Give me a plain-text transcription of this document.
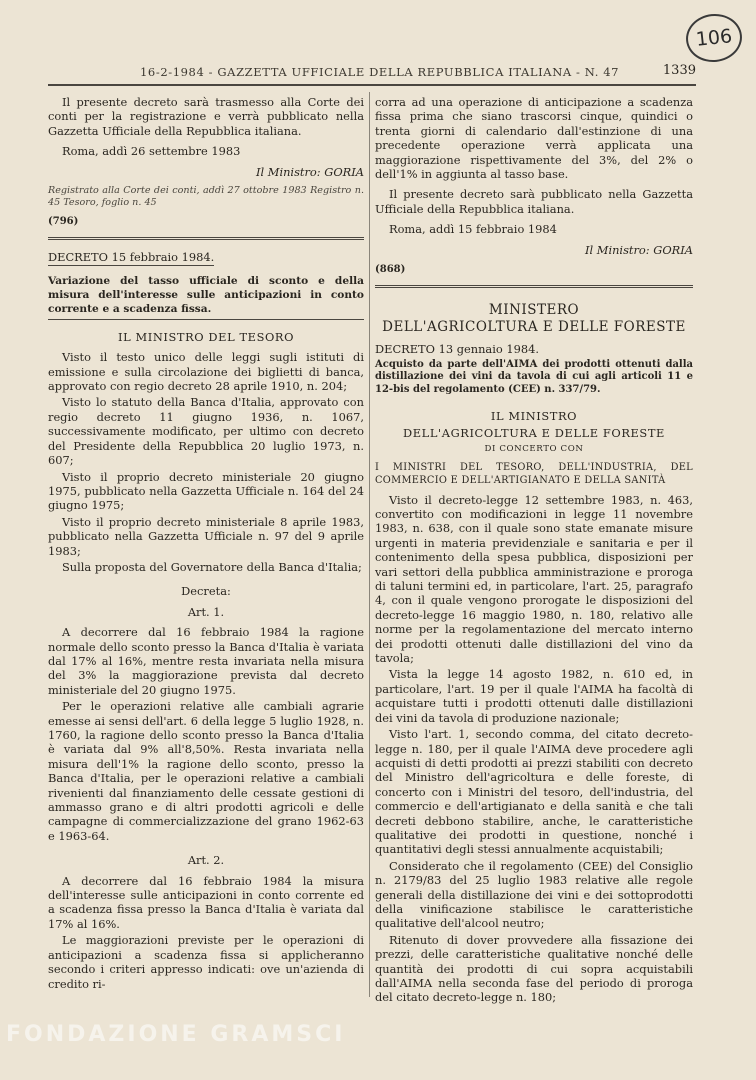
106
16-2-1984 - GAZZETTA UFFICIALE DELLA REPUBBLICA ITALIANA - N. 47	1339

Il presente decreto sarà trasmesso alla Corte dei conti per la registrazione e verrà pubblicato nella Gazzetta Ufficiale della Repubblica italiana.

Roma, addì 26 settembre 1983

Il Ministro: GORIA

Registrato alla Corte dei conti, addì 27 ottobre 1983 Registro n. 45 Tesoro, foglio n. 45

(796)

DECRETO 15 febbraio 1984.

Variazione del tasso ufficiale di sconto e della misura dell'interesse sulle anticipazioni in conto corrente e a scadenza fissa.

IL MINISTRO DEL TESORO

Visto il testo unico delle leggi sugli istituti di emissione e sulla circolazione dei biglietti di banca, approvato con regio decreto 28 aprile 1910, n. 204;

Visto lo statuto della Banca d'Italia, approvato con regio decreto 11 giugno 1936, n. 1067, successivamente modificato, per ultimo con decreto del Presidente della Repubblica 20 luglio 1973, n. 607;

Visto il proprio decreto ministeriale 20 giugno 1975, pubblicato nella Gazzetta Ufficiale n. 164 del 24 giugno 1975;

Visto il proprio decreto ministeriale 8 aprile 1983, pubblicato nella Gazzetta Ufficiale n. 97 del 9 aprile 1983;

Sulla proposta del Governatore della Banca d'Italia;

Decreta:

Art. 1.

A decorrere dal 16 febbraio 1984 la ragione normale dello sconto presso la Banca d'Italia è variata dal 17% al 16%, mentre resta invariata nella misura del 3% la maggiorazione prevista dal decreto ministeriale del 20 giugno 1975.

Per le operazioni relative alle cambiali agrarie emesse ai sensi dell'art. 6 della legge 5 luglio 1928, n. 1760, la ragione dello sconto presso la Banca d'Italia è variata dal 9% all'8,50%. Resta invariata nella misura dell'1% la ragione dello sconto, presso la Banca d'Italia, per le operazioni relative a cambiali rivenienti dal finanziamento delle cessate gestioni di ammasso grano e di altri prodotti agricoli e delle campagne di commercializzazione del grano 1962-63 e 1963-64.

Art. 2.

A decorrere dal 16 febbraio 1984 la misura dell'interesse sulle anticipazioni in conto corrente ed a scadenza fissa presso la Banca d'Italia è variata dal 17% al 16%.

Le maggiorazioni previste per le operazioni di anticipazioni a scadenza fissa si applicheranno secondo i criteri appresso indicati: ove un'azienda di credito ri-

corra ad una operazione di anticipazione a scadenza fissa prima che siano trascorsi cinque, quindici o trenta giorni di calendario dall'estinzione di una precedente operazione verrà applicata una maggiorazione rispettivamente del 3%, del 2% o dell'1% in aggiunta al tasso base.

Il presente decreto sarà pubblicato nella Gazzetta Ufficiale della Repubblica italiana.

Roma, addì 15 febbraio 1984

Il Ministro: GORIA

(868)

MINISTERO
DELL'AGRICOLTURA E DELLE FORESTE

DECRETO 13 gennaio 1984.

Acquisto da parte dell'AIMA dei prodotti ottenuti dalla distillazione dei vini da tavola di cui agli articoli 11 e 12-bis del regolamento (CEE) n. 337/79.

IL MINISTRO

DELL'AGRICOLTURA E DELLE FORESTE

DI CONCERTO CON

I MINISTRI DEL TESORO, DELL'INDUSTRIA, DEL COMMERCIO E DELL'ARTIGIANATO E DELLA SANITÀ

Visto il decreto-legge 12 settembre 1983, n. 463, convertito con modificazioni in legge 11 novembre 1983, n. 638, con il quale sono state emanate misure urgenti in materia previdenziale e sanitaria e per il contenimento della spesa pubblica, disposizioni per vari settori della pubblica amministrazione e proroga di taluni termini ed, in particolare, l'art. 25, paragrafo 4, con il quale vengono prorogate le disposizioni del decreto-legge 16 maggio 1980, n. 180, relativo alle norme per la regolamentazione del mercato interno dei prodotti ottenuti dalle distillazioni del vino da tavola;

Vista la legge 14 agosto 1982, n. 610 ed, in particolare, l'art. 19 per il quale l'AIMA ha facoltà di acquistare tutti i prodotti ottenuti dalle distillazioni dei vini da tavola di produzione nazionale;

Visto l'art. 1, secondo comma, del citato decreto-legge n. 180, per il quale l'AIMA deve procedere agli acquisti di detti prodotti ai prezzi stabiliti con decreto del Ministro dell'agricoltura e delle foreste, di concerto con i Ministri del tesoro, dell'industria, del commercio e dell'artigianato e della sanità e che tali decreti debbono stabilire, anche, le caratteristiche qualitative dei prodotti in questione, nonché i quantitativi degli stessi annualmente acquistabili;

Considerato che il regolamento (CEE) del Consiglio n. 2179/83 del 25 luglio 1983 relative alle regole generali della distillazione dei vini e dei sottoprodotti della vinificazione stabilisce le caratteristiche qualitative dell'alcool neutro;

Ritenuto di dover provvedere alla fissazione dei prezzi, delle caratteristiche qualitative nonché delle quantità dei prodotti di cui sopra acquistabili dall'AIMA nella seconda fase del periodo di proroga del citato decreto-legge n. 180;

FONDAZIONE GRAMSCI
